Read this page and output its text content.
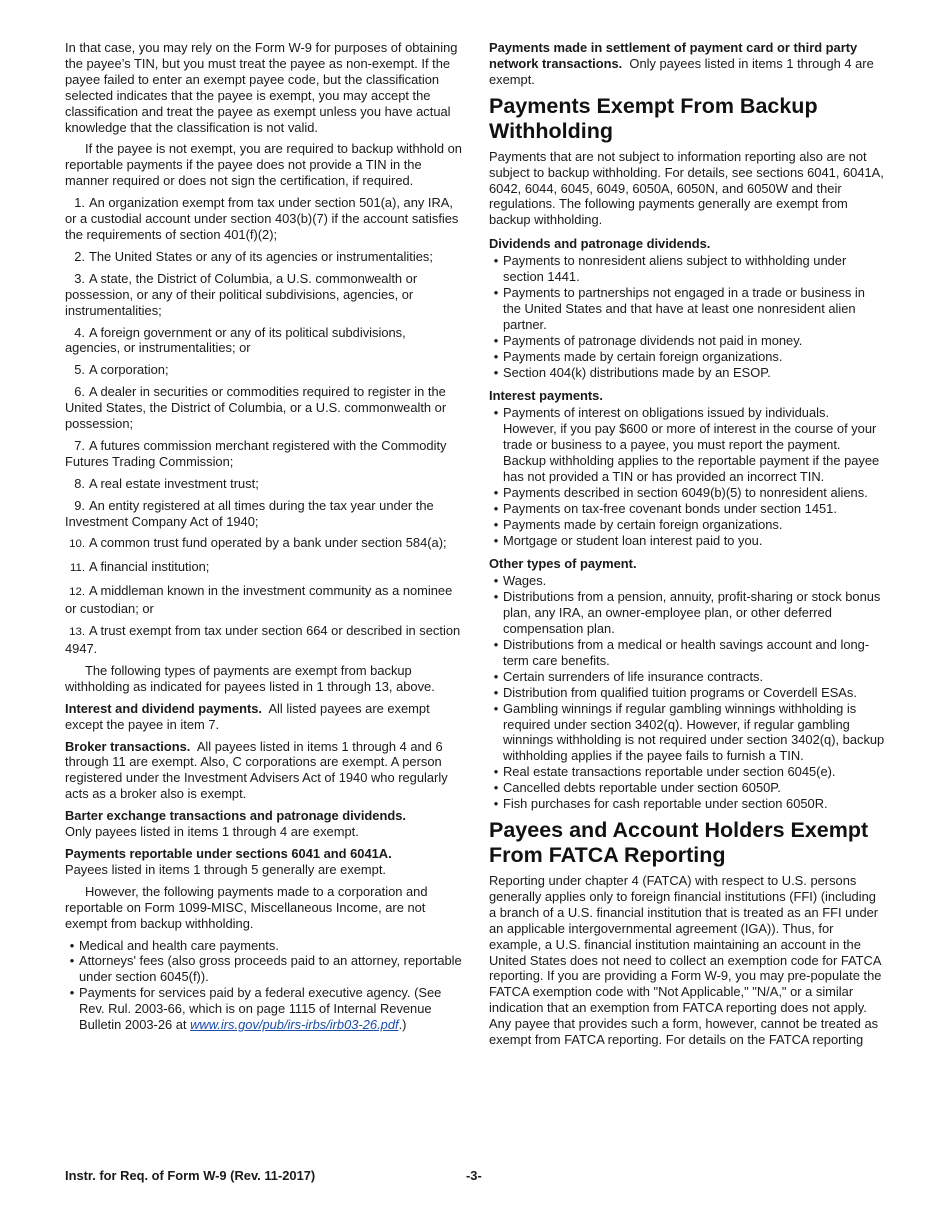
In that case, you may rely on the Form W-9 for purposes of obtaining the payee’s TIN, but you must treat the payee as non-exempt. If the payee failed to enter an exempt payee code, but the classification selected indicates that the payee is exempt, you may accept the classification and treat the payee as exempt unless you have actual knowledge that the classification is not valid.

If the payee is not exempt, you are required to backup withhold on reportable payments if the payee does not provide a TIN in the manner required or does not sign the certification, if required.

1. An organization exempt from tax under section 501(a), any IRA, or a custodial account under section 403(b)(7) if the account satisfies the requirements of section 401(f)(2);
2. The United States or any of its agencies or instrumentalities;
3. A state, the District of Columbia, a U.S. commonwealth or possession, or any of their political subdivisions, agencies, or instrumentalities;
4. A foreign government or any of its political subdivisions, agencies, or instrumentalities; or
5. A corporation;
6. A dealer in securities or commodities required to register in the United States, the District of Columbia, or a U.S. commonwealth or possession;
7. A futures commission merchant registered with the Commodity Futures Trading Commission;
8. A real estate investment trust;
9. An entity registered at all times during the tax year under the Investment Company Act of 1940;
10. A common trust fund operated by a bank under section 584(a);
11. A financial institution;
12. A middleman known in the investment community as a nominee or custodian; or
13. A trust exempt from tax under section 664 or described in section 4947.

The following types of payments are exempt from backup withholding as indicated for payees listed in 1 through 13, above.

Interest and dividend payments. All listed payees are exempt except the payee in item 7.

Broker transactions. All payees listed in items 1 through 4 and 6 through 11 are exempt. Also, C corporations are exempt. A person registered under the Investment Advisers Act of 1940 who regularly acts as a broker also is exempt.

Barter exchange transactions and patronage dividends.
Only payees listed in items 1 through 4 are exempt.

Payments reportable under sections 6041 and 6041A.
Payees listed in items 1 through 5 generally are exempt.

However, the following payments made to a corporation and reportable on Form 1099-MISC, Miscellaneous Income, are not exempt from backup withholding.

• Medical and health care payments.
• Attorneys' fees (also gross proceeds paid to an attorney, reportable under section 6045(f)).
• Payments for services paid by a federal executive agency. (See Rev. Rul. 2003-66, which is on page 1115 of Internal Revenue Bulletin 2003-26 at www.irs.gov/pub/irs-irbs/irb03-26.pdf.)

Payments made in settlement of payment card or third party network transactions. Only payees listed in items 1 through 4 are exempt.

Payments Exempt From Backup Withholding

Payments that are not subject to information reporting also are not subject to backup withholding. For details, see sections 6041, 6041A, 6042, 6044, 6045, 6049, 6050A, 6050N, and 6050W and their regulations. The following payments generally are exempt from backup withholding.

Dividends and patronage dividends.
• Payments to nonresident aliens subject to withholding under section 1441.
• Payments to partnerships not engaged in a trade or business in the United States and that have at least one nonresident alien partner.
• Payments of patronage dividends not paid in money.
• Payments made by certain foreign organizations.
• Section 404(k) distributions made by an ESOP.
Interest payments.
• Payments of interest on obligations issued by individuals. However, if you pay $600 or more of interest in the course of your trade or business to a payee, you must report the payment. Backup withholding applies to the reportable payment if the payee has not provided a TIN or has provided an incorrect TIN.
• Payments described in section 6049(b)(5) to nonresident aliens.
• Payments on tax-free covenant bonds under section 1451.
• Payments made by certain foreign organizations.
• Mortgage or student loan interest paid to you.
Other types of payment.
• Wages.
• Distributions from a pension, annuity, profit-sharing or stock bonus plan, any IRA, an owner-employee plan, or other deferred compensation plan.
• Distributions from a medical or health savings account and long-term care benefits.
• Certain surrenders of life insurance contracts.
• Distribution from qualified tuition programs or Coverdell ESAs.
• Gambling winnings if regular gambling winnings withholding is required under section 3402(q). However, if regular gambling winnings withholding is not required under section 3402(q), backup withholding applies if the payee fails to furnish a TIN.
• Real estate transactions reportable under section 6045(e).
• Cancelled debts reportable under section 6050P.
• Fish purchases for cash reportable under section 6050R.
Payees and Account Holders Exempt From FATCA Reporting

Reporting under chapter 4 (FATCA) with respect to U.S. persons generally applies only to foreign financial institutions (FFI) (including a branch of a U.S. financial institution that is treated as an FFI under an applicable intergovernmental agreement (IGA)). Thus, for example, a U.S. financial institution maintaining an account in the United States does not need to collect an exemption code for FATCA reporting. If you are providing a Form W-9, you may pre-populate the FATCA exemption code with "Not Applicable," "N/A," or a similar indication that an exemption from FATCA reporting does not apply. Any payee that provides such a form, however, cannot be treated as exempt from FATCA reporting. For details on the FATCA reporting

Instr. for Req. of Form W-9 (Rev. 11-2017)	-3-
